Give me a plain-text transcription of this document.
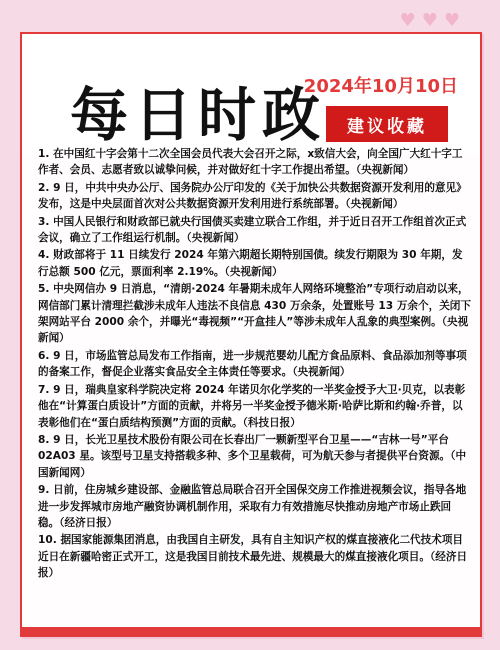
♥ ♥ ♥
每日时政
2024年10月10日
建议收藏
1. 在中国红十字会第十二次全国会员代表大会召开之际，x致信大会，向全国广大红十字工作者、会员、志愿者致以诚挚问候，并对做好红十字工作提出希望。（央视新闻）
2. 9 日，中共中央办公厅、国务院办公厅印发的《关于加快公共数据资源开发利用的意见》发布，这是中央层面首次对公共数据资源开发利用进行系统部署。（央视新闻）
3. 中国人民银行和财政部已就央行国债买卖建立联合工作组，并于近日召开工作组首次正式会议，确立了工作组运行机制。（央视新闻）
4. 财政部将于 11 日续发行 2024 年第六期超长期特别国债。续发行期限为 30 年期，发行总额 500 亿元，票面利率 2.19%。（央视新闻）
5. 中央网信办 9 日消息，“清朗·2024 年暑期未成年人网络环境整治”专项行动启动以来，网信部门累计清理拦截涉未成年人违法不良信息 430 万余条，处置账号 13 万余个，关闭下架网站平台 2000 余个，并曝光“毒视频”“开盒挂人”等涉未成年人乱象的典型案例。（央视新闻）
6. 9 日，市场监管总局发布工作指南，进一步规范婴幼儿配方食品原料、食品添加剂等事项的备案工作，督促企业落实食品安全主体责任等要求。（央视新闻）
7. 9 日，瑞典皇家科学院决定将 2024 年诺贝尔化学奖的一半奖金授予大卫·贝克，以表彰他在“计算蛋白质设计”方面的贡献，并将另一半奖金授予德米斯·哈萨比斯和约翰·乔普，以表彰他们在“蛋白质结构预测”方面的贡献。（科技日报）
8. 9 日，长光卫星技术股份有限公司在长春出厂一颗新型平台卫星——“吉林一号”平台 02A03 星。该型号卫星支持搭载多种、多个卫星载荷，可为航天参与者提供平台资源。（中国新闻网）
9. 日前，住房城乡建设部、金融监管总局联合召开全国保交房工作推进视频会议，指导各地进一步发挥城市房地产融资协调机制作用，采取有力有效措施尽快推动房地产市场止跌回稳。（经济日报）
10. 据国家能源集团消息，由我国自主研发，具有自主知识产权的煤直接液化二代技术项目近日在新疆哈密正式开工，这是我国目前技术最先进、规模最大的煤直接液化项目。（经济日报）
